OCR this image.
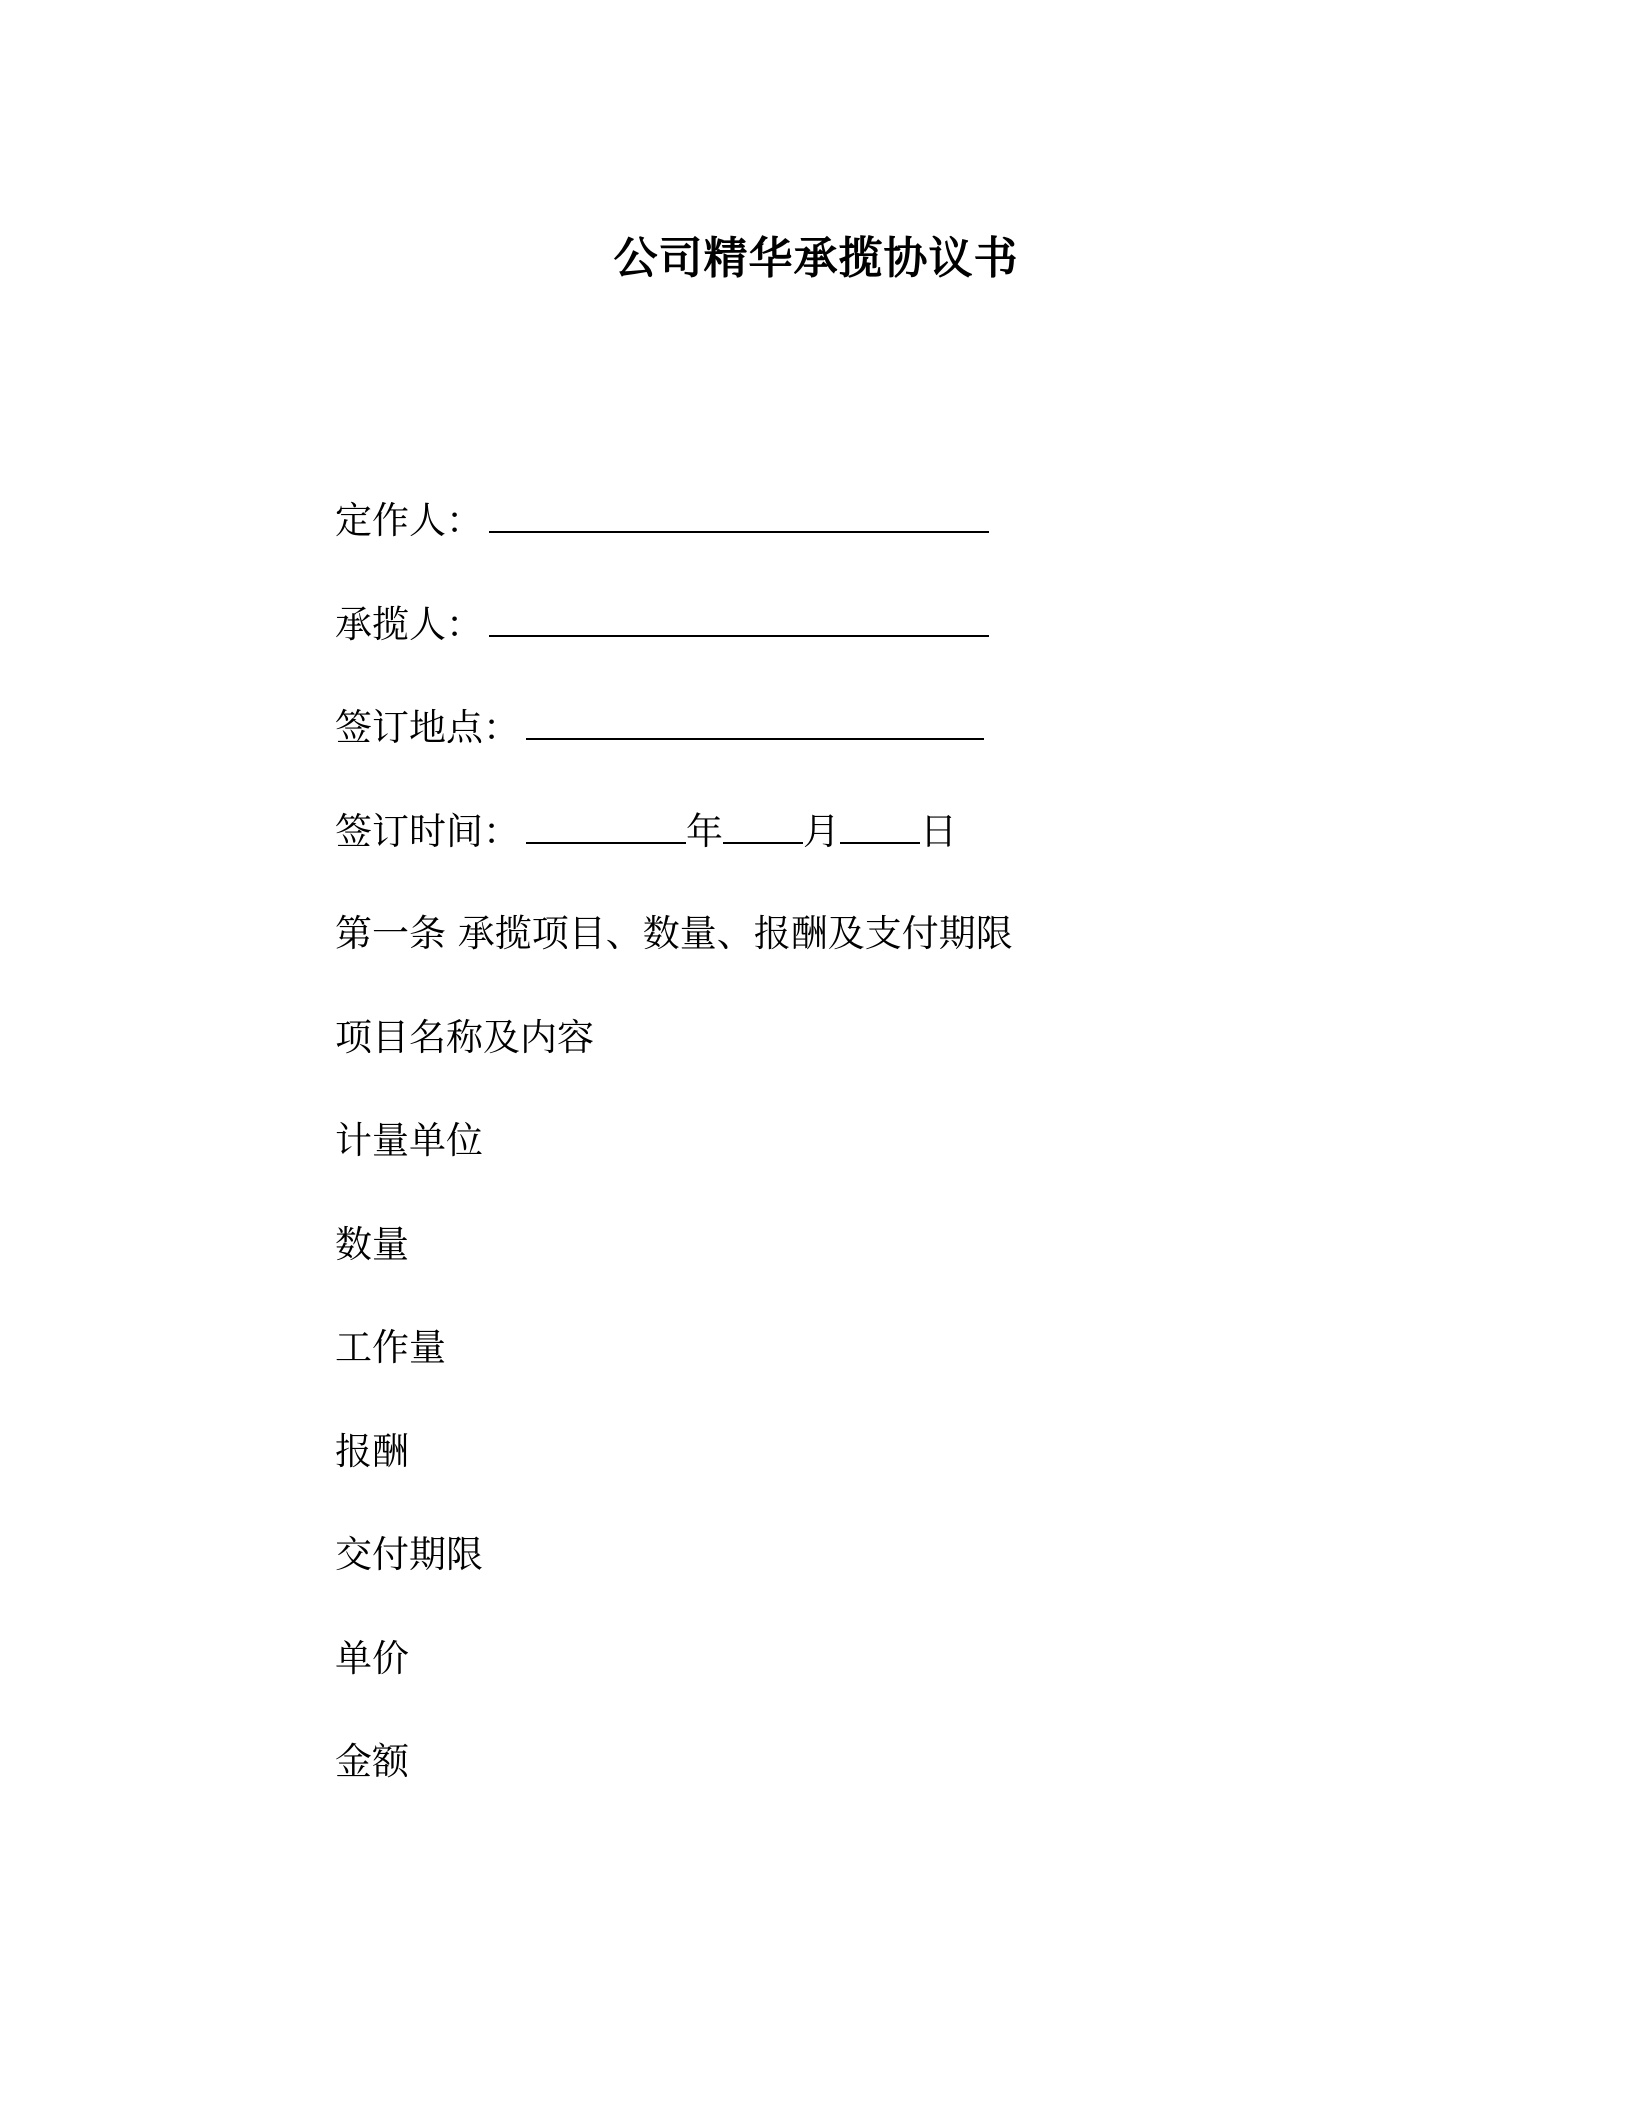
公司精华承揽协议书
定作人：
承揽人：
签订地点：
签订时间：	年 月 日
第一条 承揽项目、数量、报酬及支付期限
项目名称及内容
计量单位
数量
工作量
报酬
交付期限
单价
金额
